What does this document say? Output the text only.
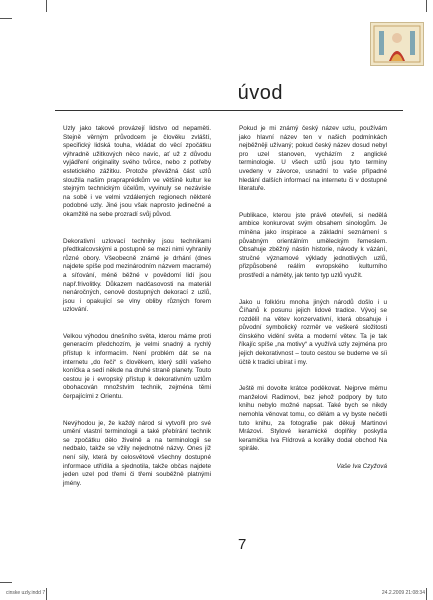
úvod

Uzly jako takové provázejí lidstvo od nepaměti. Stejně věrným průvodcem je člověku zvláští, specifický lidská touha, vkládat do věcí zpočátku výhradně užitkových něco navíc, ať už z důvodu vyjádření originality svého tvůrce, nebo z potřeby estetického zážitku. Protože převážná část uzlů sloužila našim prapraprédkům ve většině kultur ke stejným technickým účelům, vyvinuly se nezávisle na sobě i ve velmi vzdálených regionech některé podobné uzly. Jiné jsou však naprosto jedinečné a okamžitě na sebe prozradí svůj původ.

Dekorativní uzlovací techniky jsou technikami předtkalcovskými a postupně se mezi nimi vyhranily různé obory. Všeobecně známé je drhání (dnes najdete spíše pod mezinárodním názvem macramé) a síťování, méně běžné v povědomí lidí jsou např.frivolitky. Důkazem nadčasovosti na materiál nenáročných, cenově dostupných dekorací z uzlů, jsou i opakující se vlny obliby různých forem uzlování.

Velkou výhodou dnešního světa, kterou máme proti generacím předchozím, je velmi snadný a rychlý přístup k informacím. Není problém dát se na internetu „do řeči“ s člověkem, který sdílí vašeho koníčka a sedí někde na druhé straně planety. Touto cestou je i evropský přístup k dekorativním uzlům obohacován množstvím technik, zejména těmi čerpajícími z Orientu.

Nevýhodou je, že každý národ si vytvořil pro své umění vlastní terminologii a také přebírání technik se zpočátku dělo živelně a na terminologii se nedbalo, takže se vžily nejednotné názvy. Ones již není sily, která by celosvětově všechny dostupné informace utřídila a sjednotila, takže občas najdete jeden uzel pod třemi či třemi souběžně platnými jmény.

Pokud je mi známý český název uzlu, používám jako hlavní název ten v našich podmínkách nejběžněji užívaný; pokud český název dosud nebyl pro uzel stanoven, vycházím z anglické terminologie. U všech uzlů jsou tyto termíny uvedeny v závorce, usnadní to vaše případné hledání dalších informací na internetu či v dostupné literatuře.

Publikace, kterou jste právě otevřeli, si nedělá ambice konkurovat svým obsahem sinologům. Je míněna jako inspirace a základní seznámení s půvabným orientálním uměleckým řemeslem. Obsahuje zběžný nástin historie, návody k vázání, stručné významové výklady jednotlivých uzlů, přizpůsobené reálím evropského kulturního prostředí a náměty, jak tento typ uzlů využít.

Jako u folklóru mnoha jiných národů došlo i u Číňanů k posunu jejich lidové tradice. Vývoj se rozdělil na větev konzervativní, která obsahuje i původní symbolický rozměr ve veškeré složitosti čínského vidění světa a moderní větev. Ta je tak říkajíc spíše „na motivy“ a využívá uzly zejména pro jejich dekorativnost – touto cestou se budeme ve síi účtě k tradici ubírat i my.

Ještě mi dovolte krátce poděkovat. Nejprve mému manželovi Radimovi, bez jehož podpory by tuto knihu nebylo možné napsat. Také bych se nikdy nemohla věnovat tomu, co dělám a vy byste nečetli tuto knihu, za fotografie pak děkuji Martinovi Mrázovi. Stylové keramické doplňky poskytla keramička Iva Flídrová a korálky dodal obchod Na spirále.

Vaše Iva Czyžová
7
cinske uzly.indd 7	24.2.2009 21:08:34
